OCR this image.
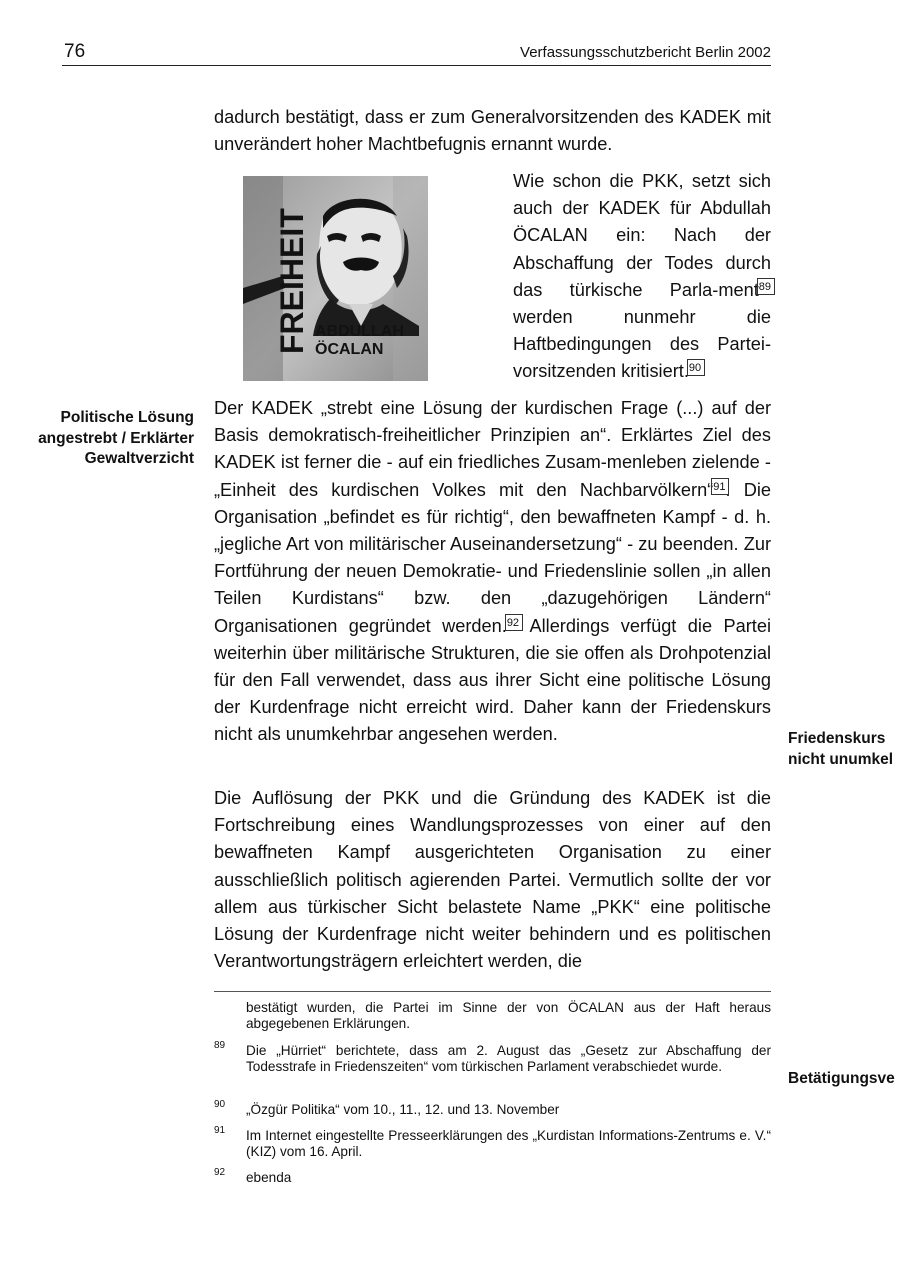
76	Verfassungsschutzbericht Berlin 2002
dadurch bestätigt, dass er zum Generalvorsitzenden des KADEK mit unverändert hoher Machtbefugnis ernannt wurde.
FREIHEIT ABDULLAH
ÖCALAN
Wie schon die PKK, setzt sich auch der KADEK für Abdullah ÖCALAN ein: Nach der Abschaffung der Todes durch das türkische Parla-ment$^{89}$ werden nunmehr die Haftbedingungen des Partei-vorsitzenden kritisiert.$^{90}$
Politische Lösung angestrebt / Erklärter Gewaltverzicht
Der KADEK „strebt eine Lösung der kurdischen Frage (...) auf der Basis demokratisch-freiheitlicher Prinzipien an“. Erklärtes Ziel des KADEK ist ferner die - auf ein friedliches Zusam-menleben zielende - „Einheit des kurdischen Volkes mit den Nachbarvölkern“$^{91}$. Die Organisation „befindet es für richtig“, den bewaffneten Kampf - d. h. „jegliche Art von militärischer Auseinandersetzung“ - zu beenden. Zur Fortführung der neuen Demokratie- und Friedenslinie sollen „in allen Teilen Kurdistans“ bzw. den „dazugehörigen Ländern“ Organisationen gegründet werden.$^{92}$ Allerdings verfügt die Partei weiterhin über militärische Strukturen, die sie offen als Drohpotenzial für den Fall verwendet, dass aus ihrer Sicht eine politische Lösung der Kurdenfrage nicht erreicht wird. Daher kann der Friedenskurs nicht als unumkehrbar angesehen werden.	Friedenskurs
nicht unumkel
Die Auflösung der PKK und die Gründung des KADEK ist die Fortschreibung eines Wandlungsprozesses von einer auf den bewaffneten Kampf ausgerichteten Organisation zu einer ausschließlich politisch agierenden Partei. Vermutlich sollte der vor allem aus türkischer Sicht belastete Name „PKK“ eine politische Lösung der Kurdenfrage nicht weiter behindern und es politischen Verantwortungsträgern erleichtert werden, die
bestätigt wurden, die Partei im Sinne der von ÖCALAN aus der Haft heraus abgegebenen Erklärungen.
89 Die „Hürriet“ berichtete, dass am 2. August das „Gesetz zur Abschaffung der Todesstrafe in Friedenszeiten“ vom türkischen Parlament verabschiedet wurde.
90 „Özgür Politika“ vom 10., 11., 12. und 13. November
91 Im Internet eingestellte Presseerklärungen des „Kurdistan Informations-Zentrums e. V.“ (KIZ) vom 16. April.
92 ebenda
Betätigungsve
